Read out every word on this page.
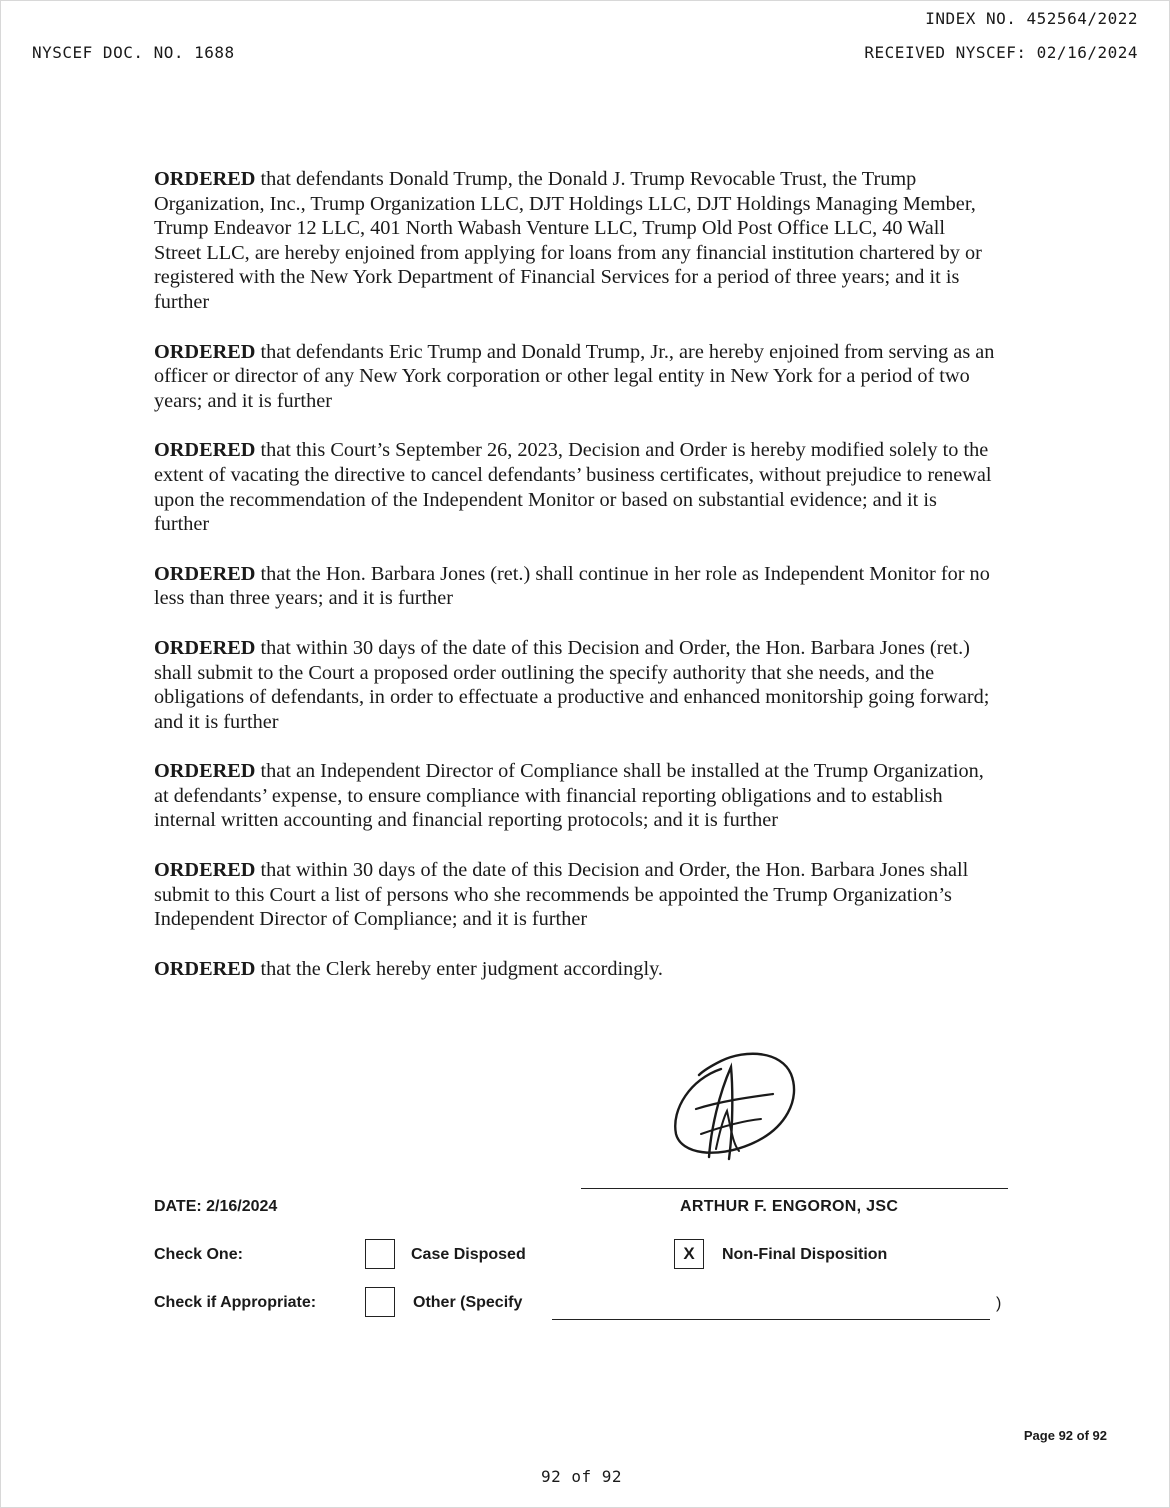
INDEX NO. 452564/2022
NYSCEF DOC. NO. 1688	RECEIVED NYSCEF: 02/16/2024

ORDERED that defendants Donald Trump, the Donald J. Trump Revocable Trust, the Trump Organization, Inc., Trump Organization LLC, DJT Holdings LLC, DJT Holdings Managing Member, Trump Endeavor 12 LLC, 401 North Wabash Venture LLC, Trump Old Post Office LLC, 40 Wall Street LLC, are hereby enjoined from applying for loans from any financial institution chartered by or registered with the New York Department of Financial Services for a period of three years; and it is further

ORDERED that defendants Eric Trump and Donald Trump, Jr., are hereby enjoined from serving as an officer or director of any New York corporation or other legal entity in New York for a period of two years; and it is further

ORDERED that this Court’s September 26, 2023, Decision and Order is hereby modified solely to the extent of vacating the directive to cancel defendants’ business certificates, without prejudice to renewal upon the recommendation of the Independent Monitor or based on substantial evidence; and it is further

ORDERED that the Hon. Barbara Jones (ret.) shall continue in her role as Independent Monitor for no less than three years; and it is further

ORDERED that within 30 days of the date of this Decision and Order, the Hon. Barbara Jones (ret.) shall submit to the Court a proposed order outlining the specify authority that she needs, and the obligations of defendants, in order to effectuate a productive and enhanced monitorship going forward; and it is further

ORDERED that an Independent Director of Compliance shall be installed at the Trump Organization, at defendants’ expense, to ensure compliance with financial reporting obligations and to establish internal written accounting and financial reporting protocols; and it is further

ORDERED that within 30 days of the date of this Decision and Order, the Hon. Barbara Jones shall submit to this Court a list of persons who she recommends be appointed the Trump Organization’s Independent Director of Compliance; and it is further

ORDERED that the Clerk hereby enter judgment accordingly.

ARTHUR F. ENGORON, JSC
DATE: 2/16/2024
Check One:	Case Disposed	X	Non-Final Disposition
Check if Appropriate:	Other (Specify	)
Page 92 of 92
92 of 92
